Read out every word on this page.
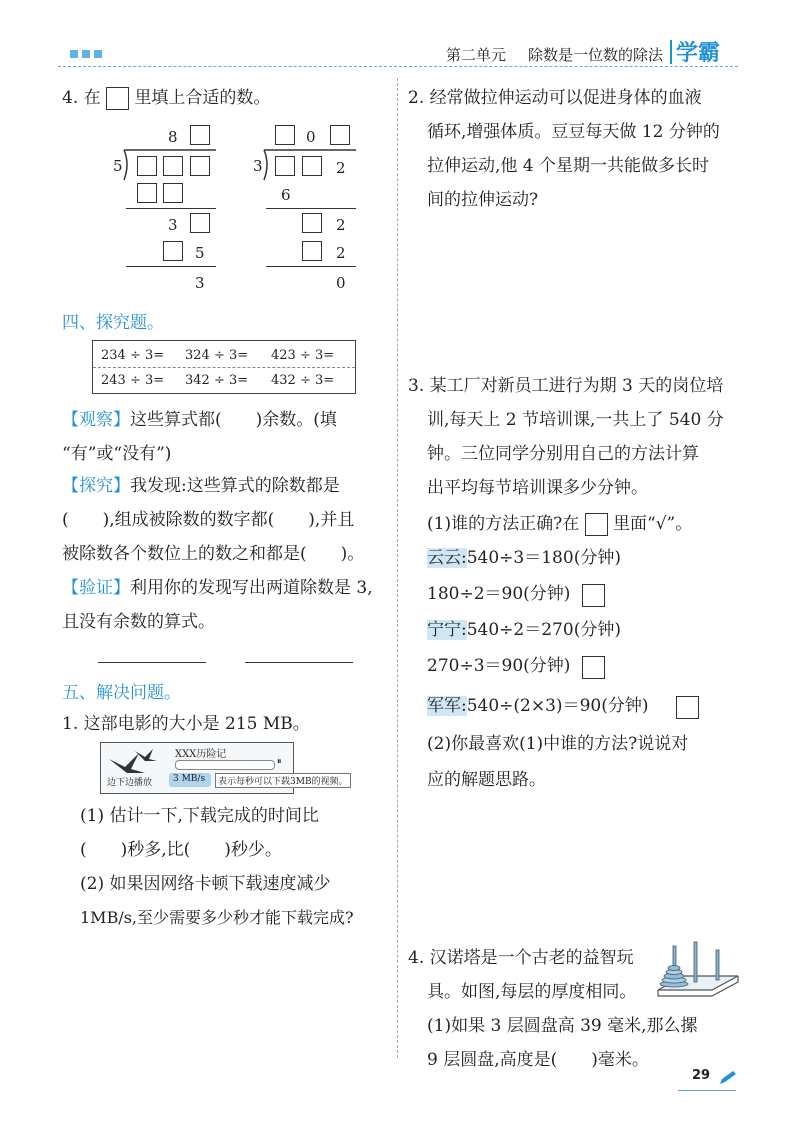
第二单元 除数是一位数的除法 学霸
4. 在 里填上合适的数。
8
5
3
5
3
0
3	2
6
2
2
0
四、探究题。
234 ÷ 3= 324 ÷ 3= 423 ÷ 3=
243 ÷ 3= 342 ÷ 3= 432 ÷ 3=
【观察】这些算式都(　　)余数。(填
“有”或“没有”)
【探究】我发现:这些算式的除数都是
(　　),组成被除数的数字都(　　),并且
被除数各个数位上的数之和都是(　　)。
【验证】利用你的发现写出两道除数是 3,
且没有余数的算式。
五、解决问题。
1. 这部电影的大小是 215 MB。
边下边播放
XXX历险记
⏸
3 MB/s	表示每秒可以下载3MB的视频。
(1) 估计一下,下载完成的时间比
(　　)秒多,比(　　)秒少。
(2) 如果因网络卡顿下载速度减少
1MB/s,至少需要多少秒才能下载完成?
2. 经常做拉伸运动可以促进身体的血液
循环,增强体质。豆豆每天做 12 分钟的
拉伸运动,他 4 个星期一共能做多长时
间的拉伸运动?
3. 某工厂对新员工进行为期 3 天的岗位培
训,每天上 2 节培训课,一共上了 540 分
钟。三位同学分别用自己的方法计算
出平均每节培训课多少分钟。
(1)谁的方法正确?在 里面“√”。
云云:540÷3＝180(分钟)
180÷2＝90(分钟)
宁宁:540÷2＝270(分钟)
270÷3＝90(分钟)
军军:540÷(2×3)＝90(分钟)
(2)你最喜欢(1)中谁的方法?说说对
应的解题思路。
4. 汉诺塔是一个古老的益智玩
具。如图,每层的厚度相同。
(1)如果 3 层圆盘高 39 毫米,那么摞
9 层圆盘,高度是(　　)毫米。
29
